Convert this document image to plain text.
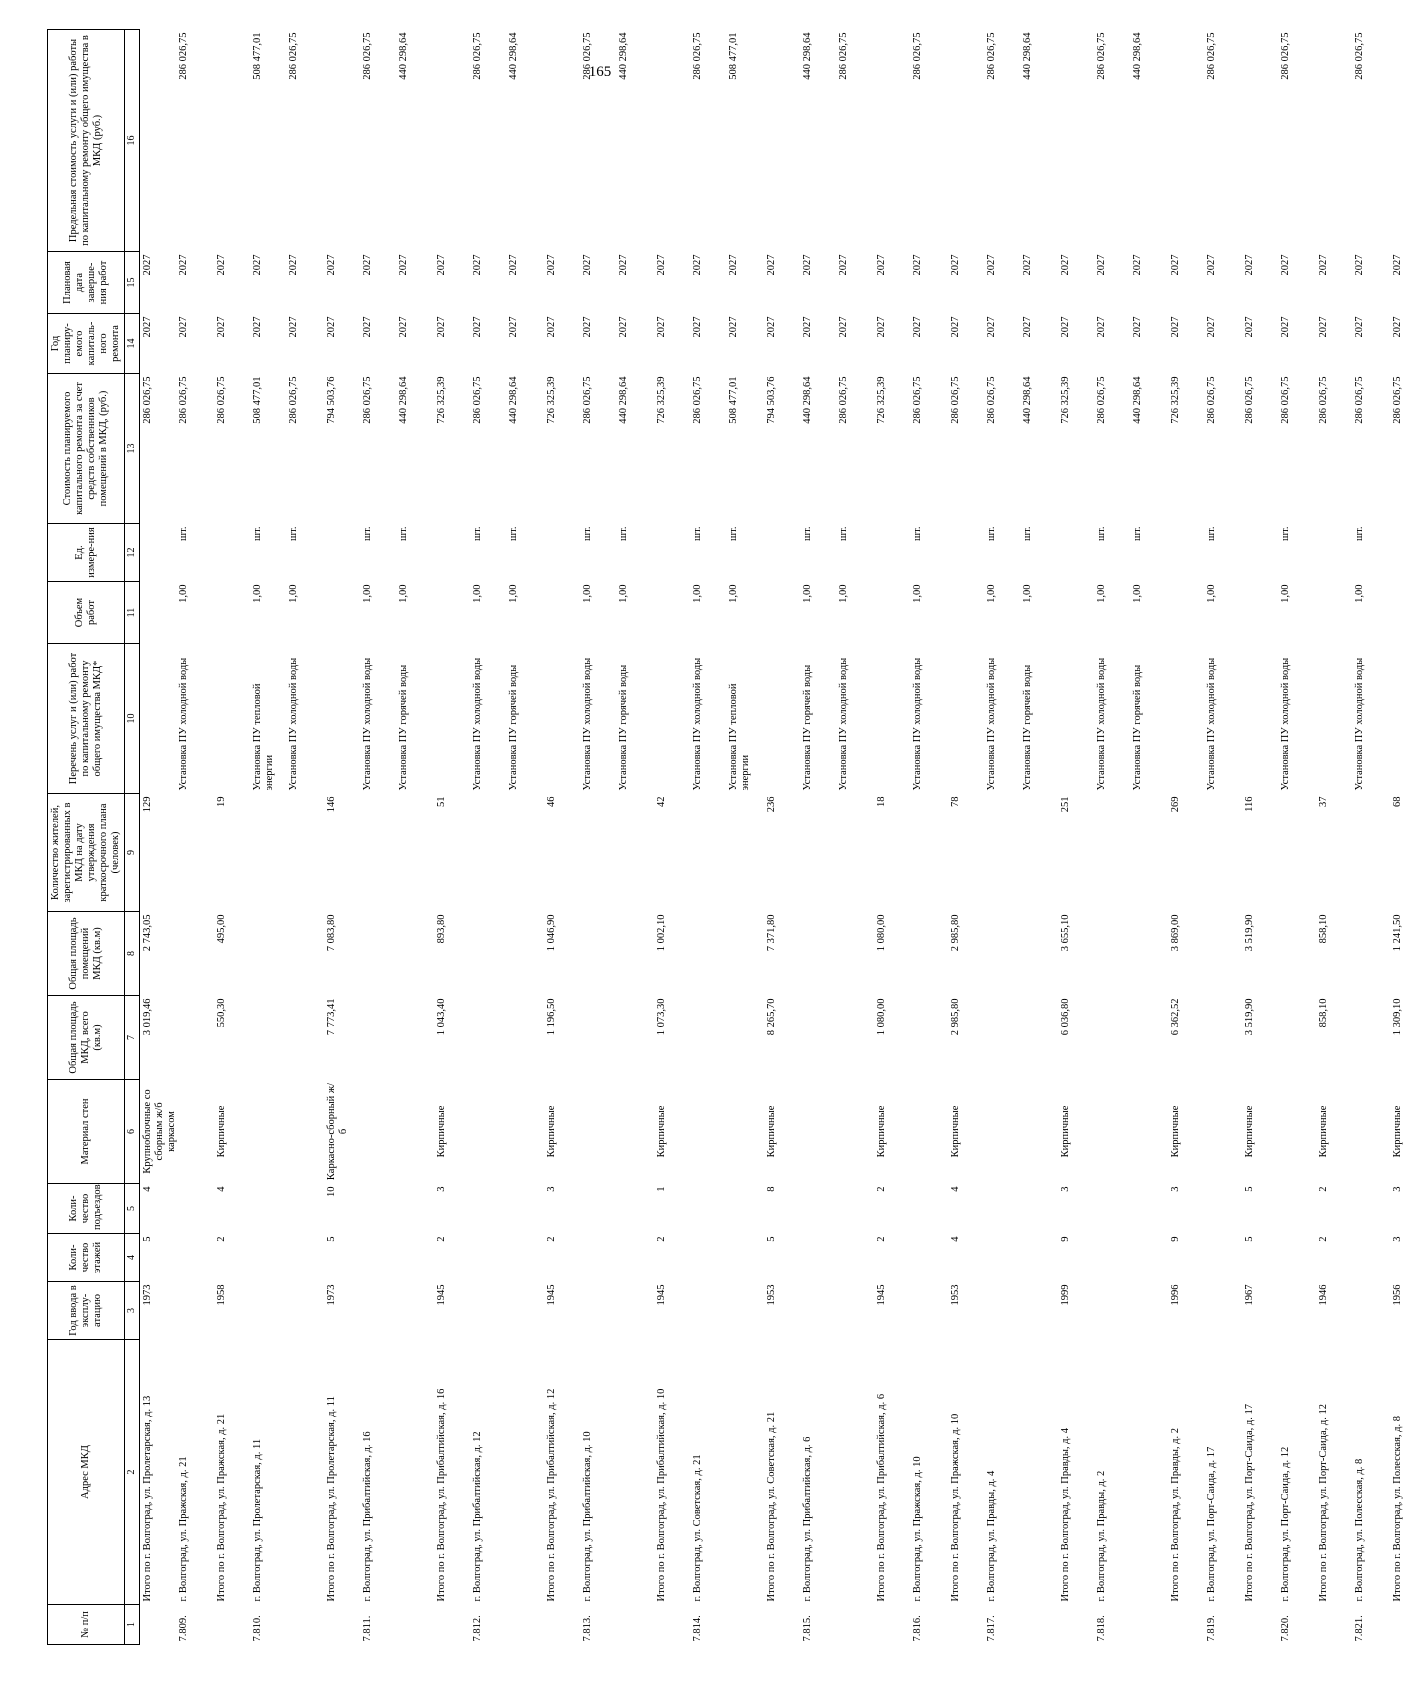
165
№ п/п	Адрес МКД	Год ввода в эксплу-атацию	Коли-чество этажей	Коли-чество подъездов	Материал стен	Общая площадь МКД, всего (кв.м)	Общая площадь помещений МКД (кв.м)	Количество жителей, зарегистрированных в МКД на дату утверждения краткосрочного плана (человек)	Перечень услуг и (или) работ по капитальному ремонту общего имущества МКД*	Объем работ	Ед. измере-ния	Стоимость планируемого капитального ремонта за счет средств собственников помещений в МКД, (руб.)	Год планиру-емого капиталь-ного ремонта	Плановая дата заверше-ния работ	Предельная стоимость услуги и (или) работы по капитальному ремонту общего имущества в МКД (руб.)
1	2	3	4	5	6	7	8	9	10	11	12	13	14	15	16
	Итого по г. Волгоград, ул. Пролетарская, д. 13	1973	5	4	Крупноблочные со сборным ж/б каркасом	3 019,46	2 743,05	129				286 026,75	2027	2027	
7.809.	г. Волгоград, ул. Пражская, д. 21								Установка ПУ холодной воды	1,00	шт.	286 026,75	2027	2027	286 026,75
	Итого по г. Волгоград, ул. Пражская, д. 21	1958	2	4	Кирпичные	550,30	495,00	19				286 026,75	2027	2027	
7.810.	г. Волгоград, ул. Пролетарская, д. 11								Установка ПУ тепловой энергии	1,00	шт.	508 477,01	2027	2027	508 477,01
									Установка ПУ холодной воды	1,00	шт.	286 026,75	2027	2027	286 026,75
	Итого по г. Волгоград, ул. Пролетарская, д. 11	1973	5	10	Каркасно-сборный ж/б	7 773,41	7 083,80	146				794 503,76	2027	2027	
7.811.	г. Волгоград, ул. Прибалтийская, д. 16								Установка ПУ холодной воды	1,00	шт.	286 026,75	2027	2027	286 026,75
									Установка ПУ горячей воды	1,00	шт.	440 298,64	2027	2027	440 298,64
	Итого по г. Волгоград, ул. Прибалтийская, д. 16	1945	2	3	Кирпичные	1 043,40	893,80	51				726 325,39	2027	2027	
7.812.	г. Волгоград, ул. Прибалтийская, д. 12								Установка ПУ холодной воды	1,00	шт.	286 026,75	2027	2027	286 026,75
									Установка ПУ горячей воды	1,00	шт.	440 298,64	2027	2027	440 298,64
	Итого по г. Волгоград, ул. Прибалтийская, д. 12	1945	2	3	Кирпичные	1 196,50	1 046,90	46				726 325,39	2027	2027	
7.813.	г. Волгоград, ул. Прибалтийская, д. 10								Установка ПУ холодной воды	1,00	шт.	286 026,75	2027	2027	286 026,75
									Установка ПУ горячей воды	1,00	шт.	440 298,64	2027	2027	440 298,64
	Итого по г. Волгоград, ул. Прибалтийская, д. 10	1945	2	1	Кирпичные	1 073,30	1 002,10	42				726 325,39	2027	2027	
7.814.	г. Волгоград, ул. Советская, д. 21								Установка ПУ холодной воды	1,00	шт.	286 026,75	2027	2027	286 026,75
									Установка ПУ тепловой энергии	1,00	шт.	508 477,01	2027	2027	508 477,01
	Итого по г. Волгоград, ул. Советская, д. 21	1953	5	8	Кирпичные	8 265,70	7 371,80	236				794 503,76	2027	2027	
7.815.	г. Волгоград, ул. Прибалтийская, д. 6								Установка ПУ горячей воды	1,00	шт.	440 298,64	2027	2027	440 298,64
									Установка ПУ холодной воды	1,00	шт.	286 026,75	2027	2027	286 026,75
	Итого по г. Волгоград, ул. Прибалтийская, д. 6	1945	2	2	Кирпичные	1 080,00	1 080,00	18				726 325,39	2027	2027	
7.816.	г. Волгоград, ул. Пражская, д. 10								Установка ПУ холодной воды	1,00	шт.	286 026,75	2027	2027	286 026,75
	Итого по г. Волгоград, ул. Пражская, д. 10	1953	4	4	Кирпичные	2 985,80	2 985,80	78				286 026,75	2027	2027	
7.817.	г. Волгоград, ул. Правды, д. 4								Установка ПУ холодной воды	1,00	шт.	286 026,75	2027	2027	286 026,75
									Установка ПУ горячей воды	1,00	шт.	440 298,64	2027	2027	440 298,64
	Итого по г. Волгоград, ул. Правды, д. 4	1999	9	3	Кирпичные	6 036,80	3 655,10	251				726 325,39	2027	2027	
7.818.	г. Волгоград, ул. Правды, д. 2								Установка ПУ холодной воды	1,00	шт.	286 026,75	2027	2027	286 026,75
									Установка ПУ горячей воды	1,00	шт.	440 298,64	2027	2027	440 298,64
	Итого по г. Волгоград, ул. Правды, д. 2	1996	9	3	Кирпичные	6 362,52	3 869,00	269				726 325,39	2027	2027	
7.819.	г. Волгоград, ул. Порт-Саида, д. 17								Установка ПУ холодной воды	1,00	шт.	286 026,75	2027	2027	286 026,75
	Итого по г. Волгоград, ул. Порт-Саида, д. 17	1967	5	5	Кирпичные	3 519,90	3 519,90	116				286 026,75	2027	2027	
7.820.	г. Волгоград, ул. Порт-Саида, д. 12								Установка ПУ холодной воды	1,00	шт.	286 026,75	2027	2027	286 026,75
	Итого по г. Волгоград, ул. Порт-Саида, д. 12	1946	2	2	Кирпичные	858,10	858,10	37				286 026,75	2027	2027	
7.821.	г. Волгоград, ул. Полесская, д. 8								Установка ПУ холодной воды	1,00	шт.	286 026,75	2027	2027	286 026,75
	Итого по г. Волгоград, ул. Полесская, д. 8	1956	3	3	Кирпичные	1 309,10	1 241,50	68				286 026,75	2027	2027	
